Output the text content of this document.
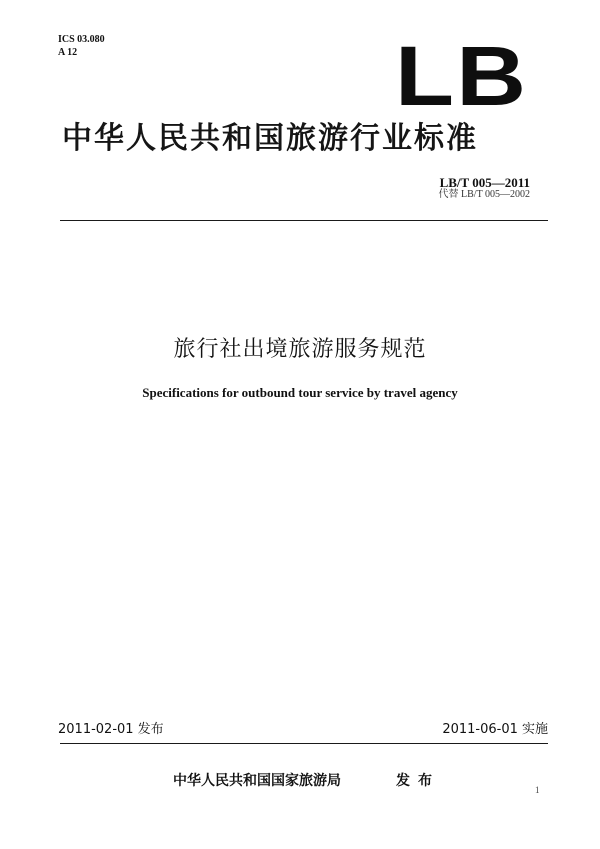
ICS 03.080
A 12	LB
中华人民共和国旅游行业标准
LB/T 005—2011
代替 LB/T 005—2002
旅行社出境旅游服务规范
Specifications for outbound tour service by travel agency
2011-02-01 发布	2011-06-01 实施
中华人民共和国国家旅游局	发布
1
